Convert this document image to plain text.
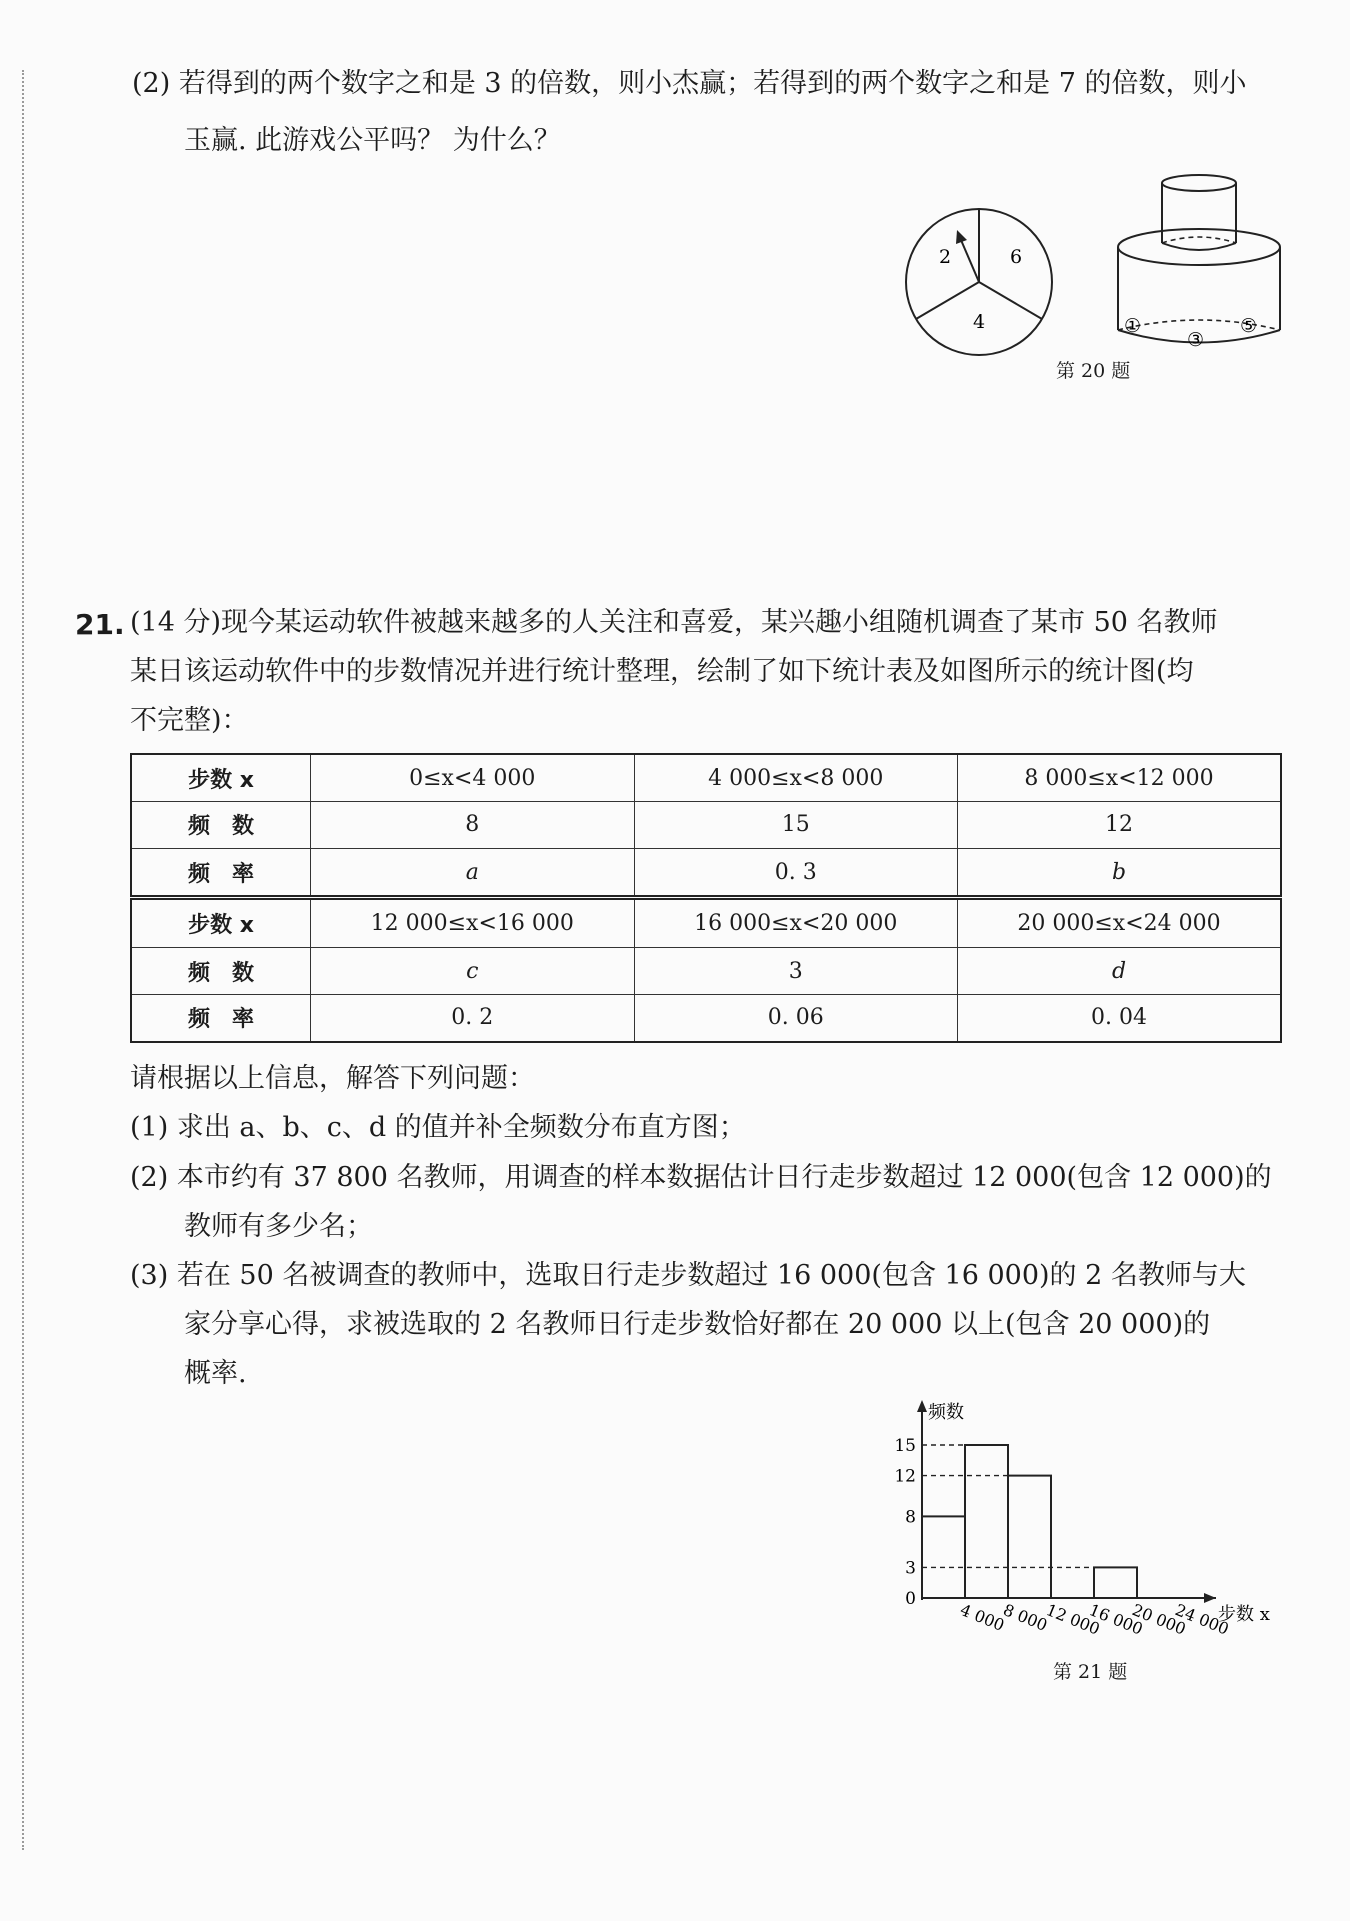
(2) 若得到的两个数字之和是 3 的倍数，则小杰赢；若得到的两个数字之和是 7 的倍数，则小
玉赢. 此游戏公平吗？ 为什么？
2	6
4	①
③
⑤
第 20 题
21. (14 分)现今某运动软件被越来越多的人关注和喜爱，某兴趣小组随机调查了某市 50 名教师
某日该运动软件中的步数情况并进行统计整理，绘制了如下统计表及如图所示的统计图(均
不完整)：
步数 x	0≤x<4 000	4 000≤x<8 000	8 000≤x<12 000
频　数	8	15	12
频　率	a	0. 3	b
步数 x	12 000≤x<16 000	16 000≤x<20 000	20 000≤x<24 000
频　数	c	3	d
频　率	0. 2	0. 06	0. 04
请根据以上信息，解答下列问题：
(1) 求出 a、b、c、d 的值并补全频数分布直方图；
(2) 本市约有 37 800 名教师，用调查的样本数据估计日行走步数超过 12 000(包含 12 000)的
教师有多少名；
(3) 若在 50 名被调查的教师中，选取日行走步数超过 16 000(包含 16 000)的 2 名教师与大
家分享心得，求被选取的 2 名教师日行走步数恰好都在 20 000 以上(包含 20 000)的
概率.
频数
步数 x
15
12
8
3
0
4 000
8 000
12 000
16 000
20 000
24 000
第 21 题
